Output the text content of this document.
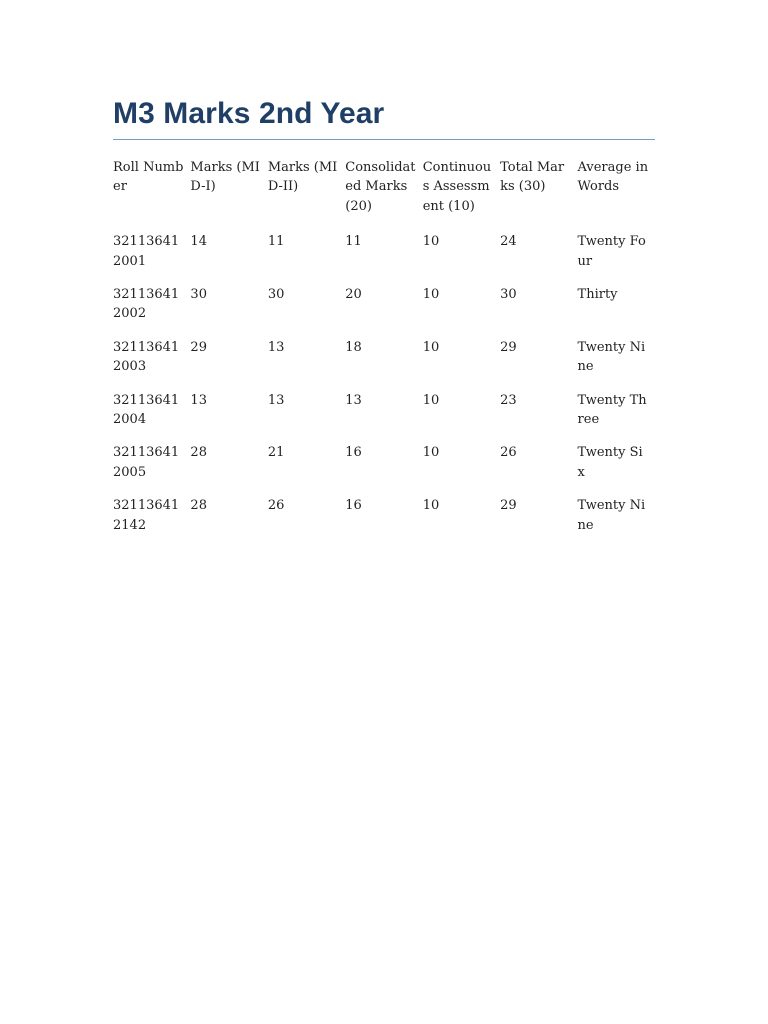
M3 Marks 2nd Year
Roll Number	Marks (MID-I)	Marks (MID-II)	Consolidated Marks (20)	Continuous Assessment (10)	Total Marks (30)	Average in Words
321136412001	14	11	11	10	24	Twenty Four
321136412002	30	30	20	10	30	Thirty
321136412003	29	13	18	10	29	Twenty Nine
321136412004	13	13	13	10	23	Twenty Three
321136412005	28	21	16	10	26	Twenty Six
321136412142	28	26	16	10	29	Twenty Nine
